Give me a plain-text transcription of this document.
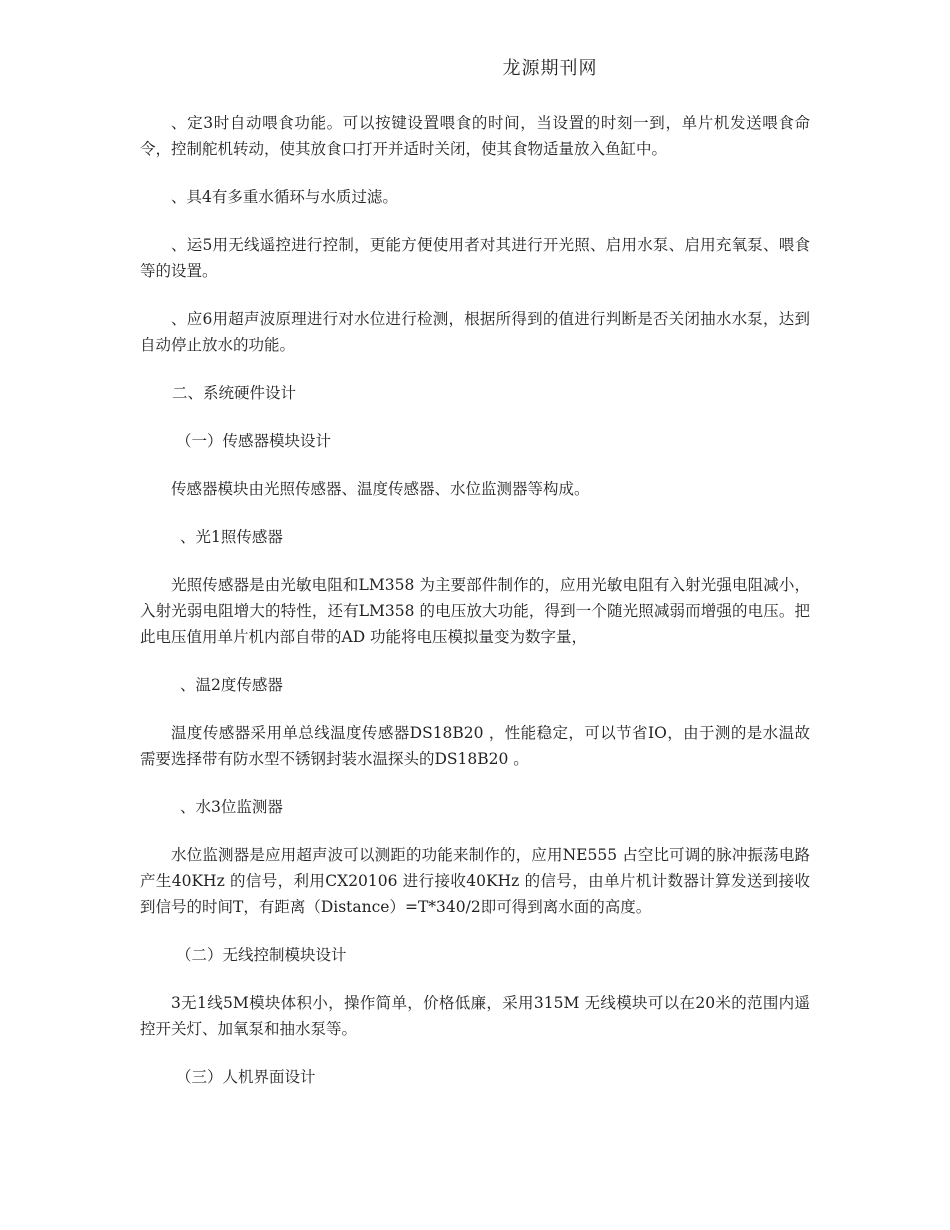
龙源期刊网

、定3时自动喂食功能。可以按键设置喂食的时间，当设置的时刻一到，单片机发送喂食命令，控制舵机转动，使其放食口打开并适时关闭，使其食物适量放入鱼缸中。

、具4有多重水循环与水质过滤。

、运5用无线遥控进行控制，更能方便使用者对其进行开光照、启用水泵、启用充氧泵、喂食等的设置。

、应6用超声波原理进行对水位进行检测，根据所得到的值进行判断是否关闭抽水水泵，达到自动停止放水的功能。

二、系统硬件设计

（一）传感器模块设计

传感器模块由光照传感器、温度传感器、水位监测器等构成。

、光1照传感器

光照传感器是由光敏电阻和LM358 为主要部件制作的，应用光敏电阻有入射光强电阻减小，入射光弱电阻增大的特性，还有LM358 的电压放大功能，得到一个随光照减弱而增强的电压。把此电压值用单片机内部自带的AD 功能将电压模拟量变为数字量，

、温2度传感器

温度传感器采用单总线温度传感器DS18B20 ，性能稳定，可以节省IO，由于测的是水温故需要选择带有防水型不锈钢封装水温探头的DS18B20 。

、水3位监测器

水位监测器是应用超声波可以测距的功能来制作的，应用NE555 占空比可调的脉冲振荡电路产生40KHz 的信号，利用CX20106 进行接收40KHz 的信号，由单片机计数器计算发送到接收到信号的时间T，有距离（Distance）=T*340/2即可得到离水面的高度。

（二）无线控制模块设计

3无1线5M模块体积小，操作简单，价格低廉，采用315M 无线模块可以在20米的范围内遥控开关灯、加氧泵和抽水泵等。

（三）人机界面设计
